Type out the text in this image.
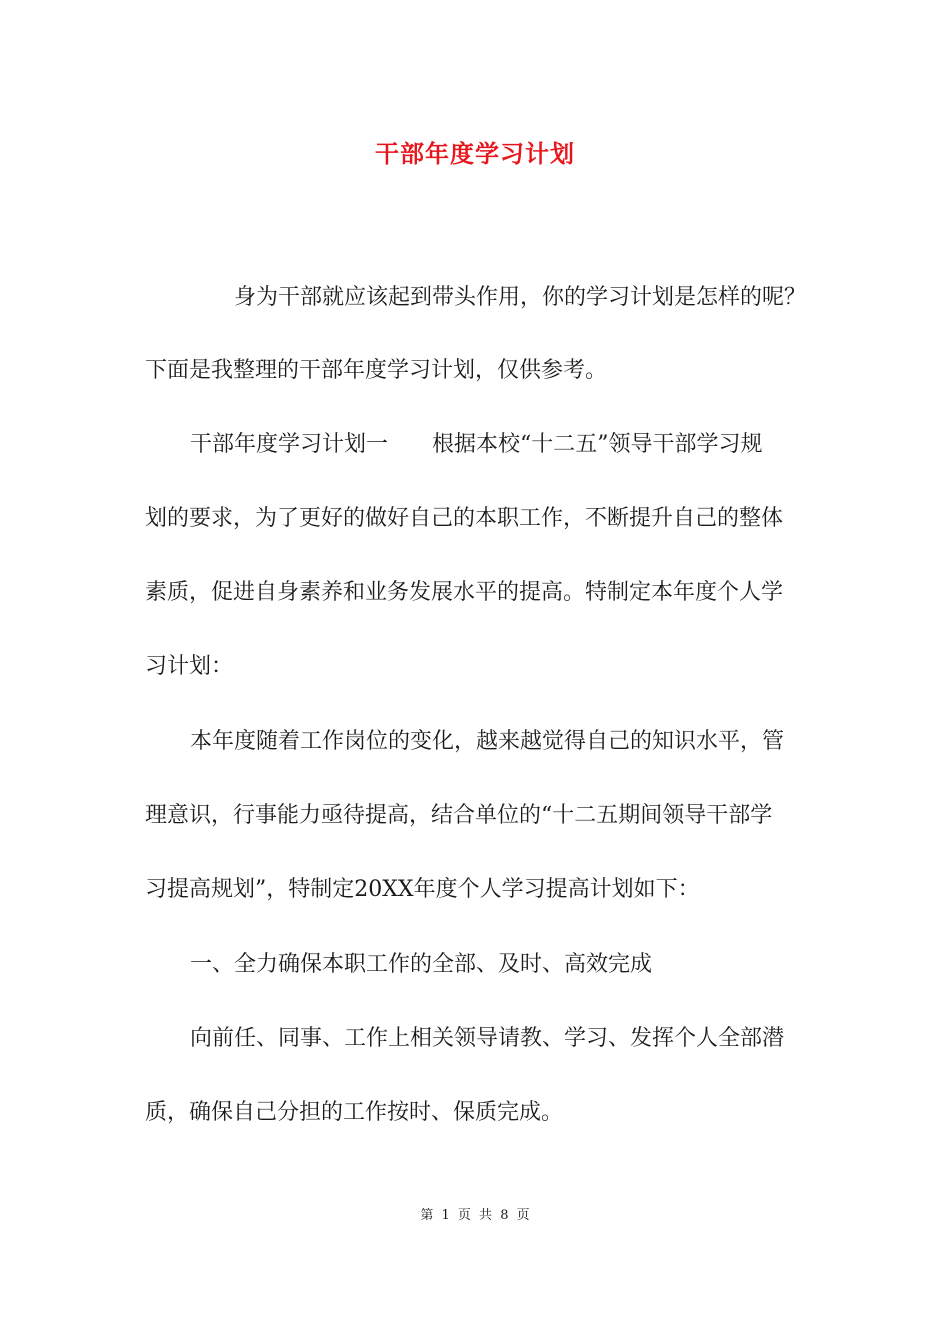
干部年度学习计划
身为干部就应该起到带头作用，你的学习计划是怎样的呢？
下面是我整理的干部年度学习计划，仅供参考。
干部年度学习计划一　　根据本校“十二五”领导干部学习规
划的要求，为了更好的做好自己的本职工作，不断提升自己的整体
素质，促进自身素养和业务发展水平的提高。特制定本年度个人学
习计划：
本年度随着工作岗位的变化，越来越觉得自己的知识水平，管
理意识，行事能力亟待提高，结合单位的“十二五期间领导干部学
习提高规划”，特制定20XX年度个人学习提高计划如下：
一、全力确保本职工作的全部、及时、高效完成
向前任、同事、工作上相关领导请教、学习、发挥个人全部潜
质，确保自己分担的工作按时、保质完成。
第 1 页 共 8 页
